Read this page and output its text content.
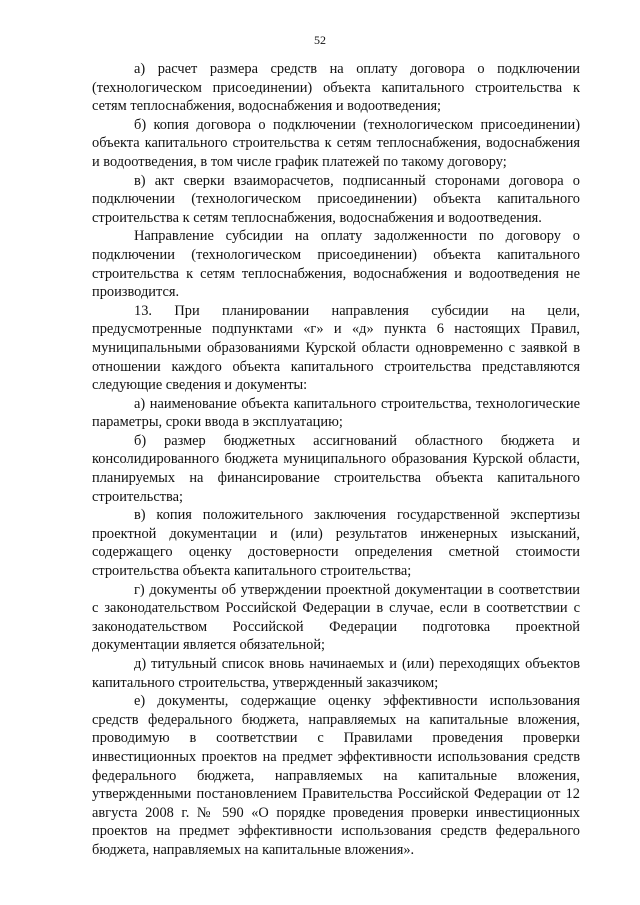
52

а) расчет размера средств на оплату договора о подключении (технологическом присоединении) объекта капитального строительства к сетям теплоснабжения, водоснабжения и водоотведения;

б) копия договора о подключении (технологическом присоединении) объекта капитального строительства к сетям теплоснабжения, водоснабжения и водоотведения, в том числе график платежей по такому договору;

в) акт сверки взаиморасчетов, подписанный сторонами договора о подключении (технологическом присоединении) объекта капитального строительства к сетям теплоснабжения, водоснабжения и водоотведения.

Направление субсидии на оплату задолженности по договору о подключении (технологическом присоединении) объекта капитального строительства к сетям теплоснабжения, водоснабжения и водоотведения не производится.

13. При планировании направления субсидии на цели, предусмотренные подпунктами «г» и «д» пункта 6 настоящих Правил, муниципальными образованиями Курской области одновременно с заявкой в отношении каждого объекта капитального строительства представляются следующие сведения и документы:

а) наименование объекта капитального строительства, технологические параметры, сроки ввода в эксплуатацию;

б) размер бюджетных ассигнований областного бюджета и консолидированного бюджета муниципального образования Курской области, планируемых на финансирование строительства объекта капитального строительства;

в) копия положительного заключения государственной экспертизы проектной документации и (или) результатов инженерных изысканий, содержащего оценку достоверности определения сметной стоимости строительства объекта капитального строительства;

г) документы об утверждении проектной документации в соответствии с законодательством Российской Федерации в случае, если в соответствии с законодательством Российской Федерации подготовка проектной документации является обязательной;

д) титульный список вновь начинаемых и (или) переходящих объектов капитального строительства, утвержденный заказчиком;

е) документы, содержащие оценку эффективности использования средств федерального бюджета, направляемых на капитальные вложения, проводимую в соответствии с Правилами проведения проверки инвестиционных проектов на предмет эффективности использования средств федерального бюджета, направляемых на капитальные вложения, утвержденными постановлением Правительства Российской Федерации от 12 августа 2008 г. № 590 «О порядке проведения проверки инвестиционных проектов на предмет эффективности использования средств федерального бюджета, направляемых на капитальные вложения».
